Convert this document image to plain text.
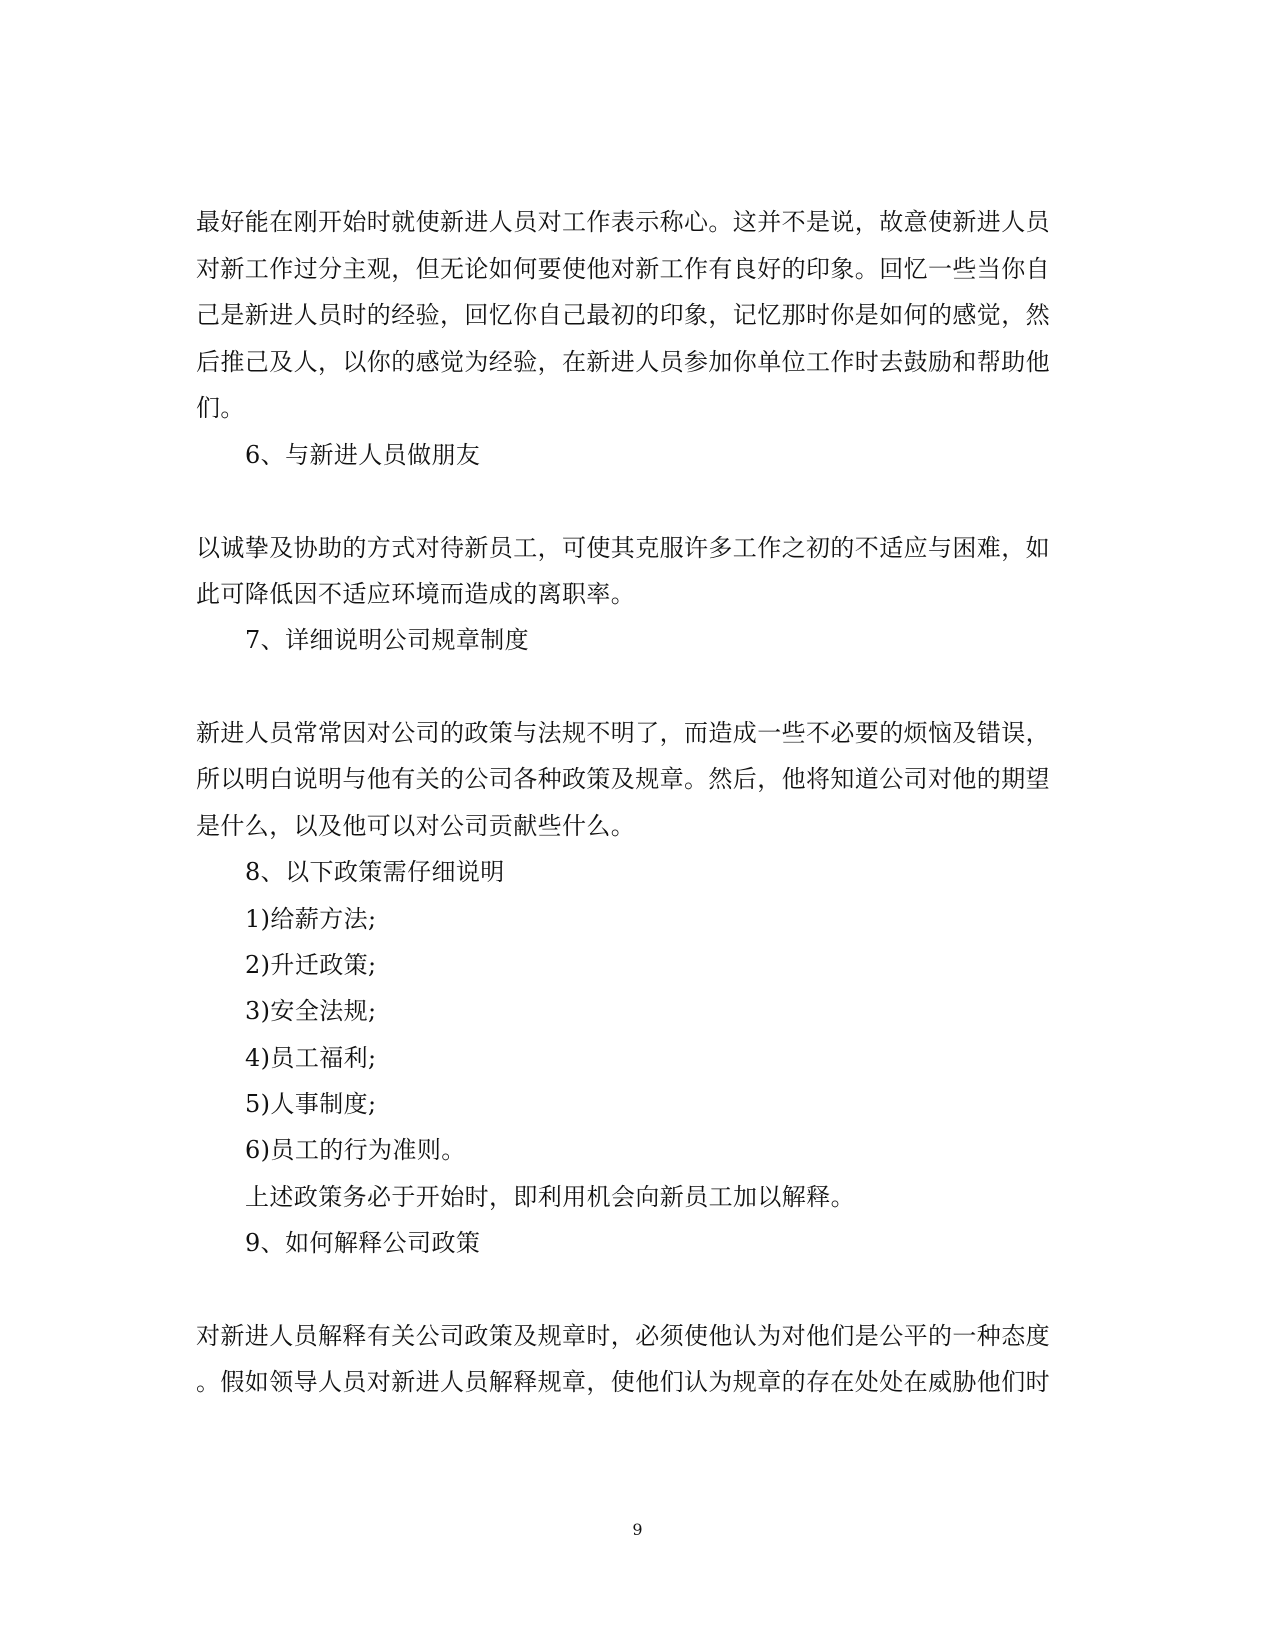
最好能在刚开始时就使新进人员对工作表示称心。这并不是说，故意使新进人员
对新工作过分主观，但无论如何要使他对新工作有良好的印象。回忆一些当你自
己是新进人员时的经验，回忆你自己最初的印象，记忆那时你是如何的感觉，然
后推己及人，以你的感觉为经验，在新进人员参加你单位工作时去鼓励和帮助他
们。
6、与新进人员做朋友
以诚挚及协助的方式对待新员工，可使其克服许多工作之初的不适应与困难，如
此可降低因不适应环境而造成的离职率。
7、详细说明公司规章制度
新进人员常常因对公司的政策与法规不明了，而造成一些不必要的烦恼及错误，
所以明白说明与他有关的公司各种政策及规章。然后，他将知道公司对他的期望
是什么，以及他可以对公司贡献些什么。
8、以下政策需仔细说明
1)给薪方法;
2)升迁政策;
3)安全法规;
4)员工福利;
5)人事制度;
6)员工的行为准则。
上述政策务必于开始时，即利用机会向新员工加以解释。
9、如何解释公司政策
对新进人员解释有关公司政策及规章时，必须使他认为对他们是公平的一种态度
。假如领导人员对新进人员解释规章，使他们认为规章的存在处处在威胁他们时
9
